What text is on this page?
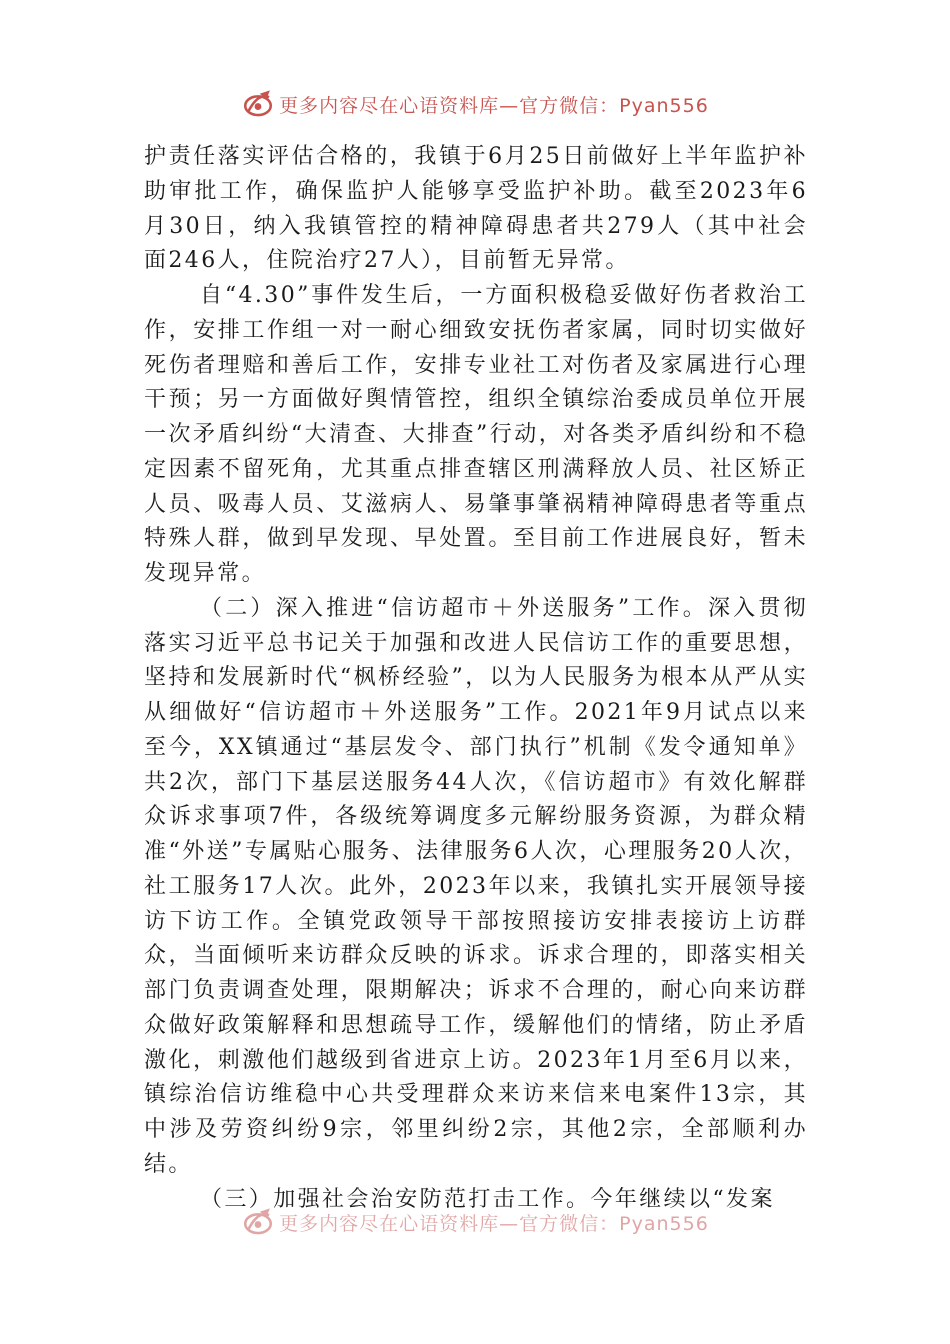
更多内容尽在心语资料库—官方微信：Pyan556

护责任落实评估合格的，我镇于6月25日前做好上半年监护补助审批工作，确保监护人能够享受监护补助。截至2023年6月30日，纳入我镇管控的精神障碍患者共279人（其中社会面246人，住院治疗27人），目前暂无异常。

自“4.30”事件发生后，一方面积极稳妥做好伤者救治工作，安排工作组一对一耐心细致安抚伤者家属，同时切实做好死伤者理赔和善后工作，安排专业社工对伤者及家属进行心理干预；另一方面做好舆情管控，组织全镇综治委成员单位开展一次矛盾纠纷“大清查、大排查”行动，对各类矛盾纠纷和不稳定因素不留死角，尤其重点排查辖区刑满释放人员、社区矫正人员、吸毒人员、艾滋病人、易肇事肇祸精神障碍患者等重点特殊人群，做到早发现、早处置。至目前工作进展良好，暂未发现异常。

（二）深入推进“信访超市＋外送服务”工作。深入贯彻落实习近平总书记关于加强和改进人民信访工作的重要思想，坚持和发展新时代“枫桥经验”，以为人民服务为根本从严从实从细做好“信访超市＋外送服务”工作。2021年9月试点以来至今，XX镇通过“基层发令、部门执行”机制《发令通知单》共2次，部门下基层送服务44人次，《信访超市》有效化解群众诉求事项7件，各级统筹调度多元解纷服务资源，为群众精准“外送”专属贴心服务、法律服务6人次，心理服务20人次，社工服务17人次。此外，2023年以来，我镇扎实开展领导接访下访工作。全镇党政领导干部按照接访安排表接访上访群众，当面倾听来访群众反映的诉求。诉求合理的，即落实相关部门负责调查处理，限期解决；诉求不合理的，耐心向来访群众做好政策解释和思想疏导工作，缓解他们的情绪，防止矛盾激化，刺激他们越级到省进京上访。2023年1月至6月以来，镇综治信访维稳中心共受理群众来访来信来电案件13宗，其中涉及劳资纠纷9宗，邻里纠纷2宗，其他2宗，全部顺利办结。

（三）加强社会治安防范打击工作。今年继续以“发案

更多内容尽在心语资料库—官方微信：Pyan556
